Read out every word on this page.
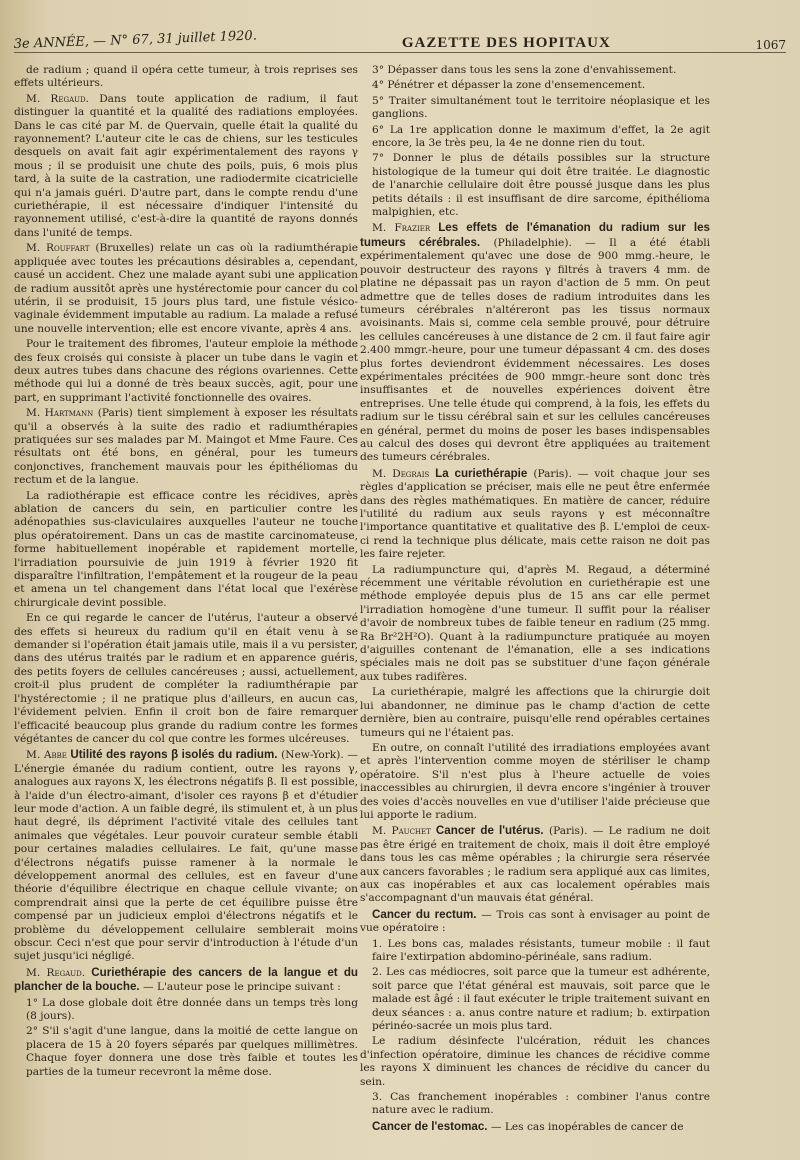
3e ANNÉE, — N° 67, 31 juillet 1920.	GAZETTE DES HOPITAUX	1067

de radium ; quand il opéra cette tumeur, à trois reprises ses effets ultérieurs.

M. Regaud. Dans toute application de radium, il faut distinguer la quantité et la qualité des radiations employées. Dans le cas cité par M. de Quervain, quelle était la qualité du rayonnement? L'auteur cite le cas de chiens, sur les testicules desquels on avait fait agir expérimentalement des rayons γ mous ; il se produisit une chute des poils, puis, 6 mois plus tard, à la suite de la castration, une radiodermite cicatricielle qui n'a jamais guéri. D'autre part, dans le compte rendu d'une curiethérapie, il est nécessaire d'indiquer l'intensité du rayonnement utilisé, c'est-à-dire la quantité de rayons donnés dans l'unité de temps.

M. Rouffart (Bruxelles) relate un cas où la radiumthérapie appliquée avec toutes les précautions désirables a, cependant, causé un accident. Chez une malade ayant subi une application de radium aussitôt après une hystérectomie pour cancer du col utérin, il se produisit, 15 jours plus tard, une fistule vésico-vaginale évidemment imputable au radium. La malade a refusé une nouvelle intervention; elle est encore vivante, après 4 ans.

Pour le traitement des fibromes, l'auteur emploie la méthode des feux croisés qui consiste à placer un tube dans le vagin et deux autres tubes dans chacune des régions ovariennes. Cette méthode qui lui a donné de très beaux succès, agit, pour une part, en supprimant l'activité fonctionnelle des ovaires.

M. Hartmann (Paris) tient simplement à exposer les résultats qu'il a observés à la suite des radio et radiumthérapies pratiquées sur ses malades par M. Maingot et Mme Faure. Ces résultats ont été bons, en général, pour les tumeurs conjonctives, franchement mauvais pour les épithéliomas du rectum et de la langue.

La radiothérapie est efficace contre les récidives, après ablation de cancers du sein, en particulier contre les adénopathies sus-claviculaires auxquelles l'auteur ne touche plus opératoirement. Dans un cas de mastite carcinomateuse, forme habituellement inopérable et rapidement mortelle, l'irradiation poursuivie de juin 1919 à février 1920 fit disparaître l'infiltration, l'empâtement et la rougeur de la peau et amena un tel changement dans l'état local que l'exérèse chirurgicale devint possible.

En ce qui regarde le cancer de l'utérus, l'auteur a observé des effets si heureux du radium qu'il en était venu à se demander si l'opération était jamais utile, mais il a vu persister, dans des utérus traités par le radium et en apparence guéris, des petits foyers de cellules cancéreuses ; aussi, actuellement, croit-il plus prudent de compléter la radiumthérapie par l'hystérectomie ; il ne pratique plus d'ailleurs, en aucun cas, l'évidement pelvien. Enfin il croit bon de faire remarquer l'efficacité beaucoup plus grande du radium contre les formes végétantes de cancer du col que contre les formes ulcéreuses.

M. Abbe Utilité des rayons β isolés du radium. (New-York). — L'énergie émanée du radium contient, outre les rayons γ, analogues aux rayons X, les électrons négatifs β. Il est possible, à l'aide d'un électro-aimant, d'isoler ces rayons β et d'étudier leur mode d'action. A un faible degré, ils stimulent et, à un plus haut degré, ils dépriment l'activité vitale des cellules tant animales que végétales. Leur pouvoir curateur semble établi pour certaines maladies cellulaires. Le fait, qu'une masse d'électrons négatifs puisse ramener à la normale le développement anormal des cellules, est en faveur d'une théorie d'équilibre électrique en chaque cellule vivante; on comprendrait ainsi que la perte de cet équilibre puisse être compensé par un judicieux emploi d'électrons négatifs et le problème du développement cellulaire semblerait moins obscur. Ceci n'est que pour servir d'introduction à l'étude d'un sujet jusqu'ici négligé.

M. Regaud. Curiethérapie des cancers de la langue et du plancher de la bouche. — L'auteur pose le principe suivant :

1° La dose globale doit être donnée dans un temps très long (8 jours).

2° S'il s'agit d'une langue, dans la moitié de cette langue on placera de 15 à 20 foyers séparés par quelques millimètres. Chaque foyer donnera une dose très faible et toutes les parties de la tumeur recevront la même dose.

3° Dépasser dans tous les sens la zone d'envahissement.

4° Pénétrer et dépasser la zone d'ensemencement.

5° Traiter simultanément tout le territoire néoplasique et les ganglions.

6° La 1re application donne le maximum d'effet, la 2e agit encore, la 3e très peu, la 4e ne donne rien du tout.

7° Donner le plus de détails possibles sur la structure histologique de la tumeur qui doit être traitée. Le diagnostic de l'anarchie cellulaire doit être poussé jusque dans les plus petits détails : il est insuffisant de dire sarcome, épithélioma malpighien, etc.

M. Frazier Les effets de l'émanation du radium sur les tumeurs cérébrales. (Philadelphie). — Il a été établi expérimentalement qu'avec une dose de 900 mmg.-heure, le pouvoir destructeur des rayons γ filtrés à travers 4 mm. de platine ne dépassait pas un rayon d'action de 5 mm. On peut admettre que de telles doses de radium introduites dans les tumeurs cérébrales n'altéreront pas les tissus normaux avoisinants. Mais si, comme cela semble prouvé, pour détruire les cellules cancéreuses à une distance de 2 cm. il faut faire agir 2.400 mmgr.-heure, pour une tumeur dépassant 4 cm. des doses plus fortes deviendront évidemment nécessaires. Les doses expérimentales précitées de 900 mmgr.-heure sont donc très insuffisantes et de nouvelles expériences doivent être entreprises. Une telle étude qui comprend, à la fois, les effets du radium sur le tissu cérébral sain et sur les cellules cancéreuses en général, permet du moins de poser les bases indispensables au calcul des doses qui devront être appliquées au traitement des tumeurs cérébrales.

M. Degrais La curiethérapie (Paris). — voit chaque jour ses règles d'application se préciser, mais elle ne peut être enfermée dans des règles mathématiques. En matière de cancer, réduire l'utilité du radium aux seuls rayons γ est méconnaître l'importance quantitative et qualitative des β. L'emploi de ceux-ci rend la technique plus délicate, mais cette raison ne doit pas les faire rejeter.

La radiumpuncture qui, d'après M. Regaud, a déterminé récemment une véritable révolution en curiethérapie est une méthode employée depuis plus de 15 ans car elle permet l'irradiation homogène d'une tumeur. Il suffit pour la réaliser d'avoir de nombreux tubes de faible teneur en radium (25 mmg. Ra Br²2H²O). Quant à la radiumpuncture pratiquée au moyen d'aiguilles contenant de l'émanation, elle a ses indications spéciales mais ne doit pas se substituer d'une façon générale aux tubes radifères.

La curiethérapie, malgré les affections que la chirurgie doit lui abandonner, ne diminue pas le champ d'action de cette dernière, bien au contraire, puisqu'elle rend opérables certaines tumeurs qui ne l'étaient pas.

En outre, on connaît l'utilité des irradiations employées avant et après l'intervention comme moyen de stériliser le champ opératoire. S'il n'est plus à l'heure actuelle de voies inaccessibles au chirurgien, il devra encore s'ingénier à trouver des voies d'accès nouvelles en vue d'utiliser l'aide précieuse que lui apporte le radium.

M. Pauchet Cancer de l'utérus. (Paris). — Le radium ne doit pas être érigé en traitement de choix, mais il doit être employé dans tous les cas même opérables ; la chirurgie sera réservée aux cancers favorables ; le radium sera appliqué aux cas limites, aux cas inopérables et aux cas localement opérables mais s'accompagnant d'un mauvais état général.

Cancer du rectum. — Trois cas sont à envisager au point de vue opératoire :

1. Les bons cas, malades résistants, tumeur mobile : il faut faire l'extirpation abdomino-périnéale, sans radium.

2. Les cas médiocres, soit parce que la tumeur est adhérente, soit parce que l'état général est mauvais, soit parce que le malade est âgé : il faut exécuter le triple traitement suivant en deux séances : a. anus contre nature et radium; b. extirpation périnéo-sacrée un mois plus tard.

Le radium désinfecte l'ulcération, réduit les chances d'infection opératoire, diminue les chances de récidive comme les rayons X diminuent les chances de récidive du cancer du sein.

3. Cas franchement inopérables : combiner l'anus contre nature avec le radium.

Cancer de l'estomac. — Les cas inopérables de cancer de
